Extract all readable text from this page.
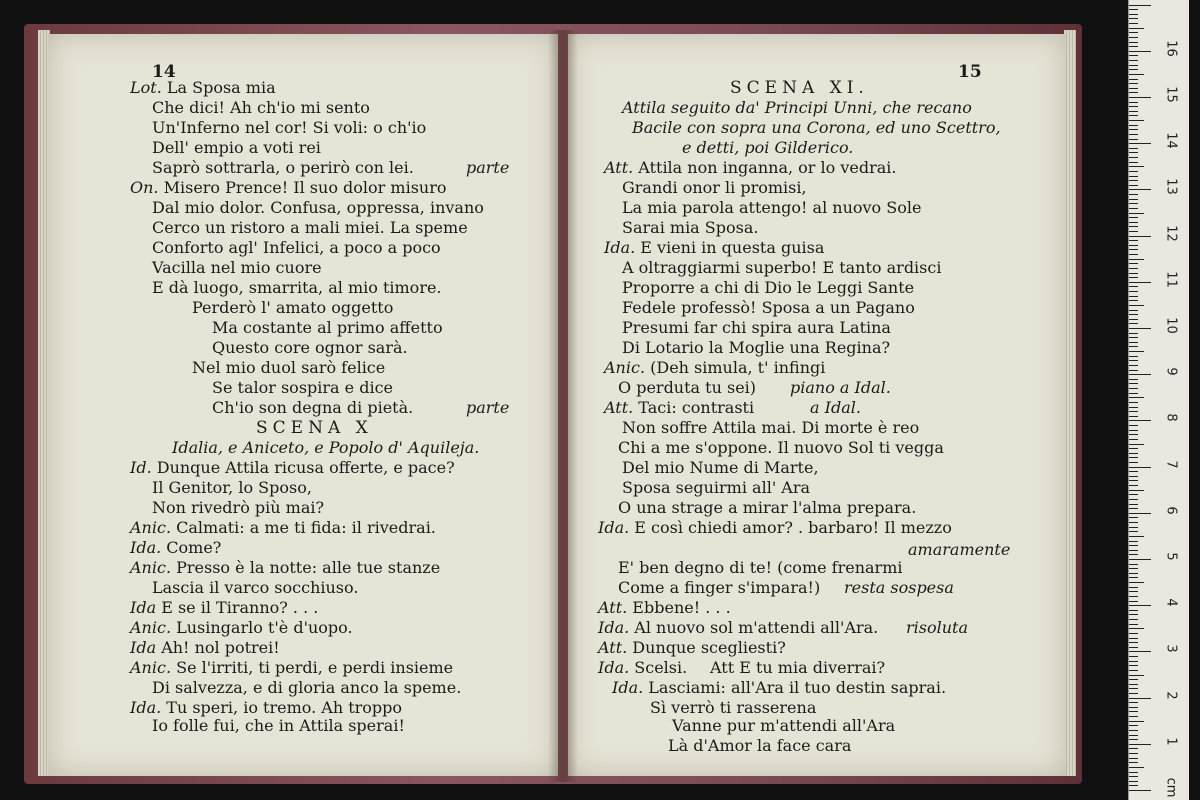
Lot. La Sposa mia
Che dici! Ah ch'io mi sento
Un'Inferno nel cor! Si voli: o ch'io
Dell' empio a voti rei
Saprò sottrarla, o perirò con lei.	parte
On. Misero Prence! Il suo dolor misuro
Dal mio dolor. Confusa, oppressa, invano
Cerco un ristoro a mali miei. La speme
Conforto agl' Infelici, a poco a poco
Vacilla nel mio cuore
E dà luogo, smarrita, al mio timore.
Perderò l' amato oggetto
Ma costante al primo affetto
Questo core ognor sarà.
Nel mio duol sarò felice
Se talor sospira e dice
Ch'io son degna di pietà.	parte
SCENA X
Idalia, e Aniceto, e Popolo d' Aquileja.
Id. Dunque Attila ricusa offerte, e pace?
Il Genitor, lo Sposo,
Non rivedrò più mai?
Anic. Calmati: a me ti fida: il rivedrai.
Ida. Come?
Anic. Presso è la notte: alle tue stanze
Lascia il varco socchiuso.
Ida E se il Tiranno? . . .
Anic. Lusingarlo t'è d'uopo.
Ida Ah! nol potrei!
Anic. Se l'irriti, ti perdi, e perdi insieme
Di salvezza, e di gloria anco la speme.
Ida. Tu speri, io tremo. Ah troppo
Io folle fui, che in Attila sperai!
SCENA XI.
Attila seguito da' Principi Unni, che recano
Bacile con sopra una Corona, ed uno Scettro,
e detti, poi Gilderico.
Att. Attila non inganna, or lo vedrai.
Grandi onor li promisi,
La mia parola attengo! al nuovo Sole
Sarai mia Sposa.
Ida. E vieni in questa guisa
A oltraggiarmi superbo! E tanto ardisci
Proporre a chi di Dio le Leggi Sante
Fedele professò! Sposa a un Pagano
Presumi far chi spira aura Latina
Di Lotario la Moglie una Regina?
Anic. (Deh simula, t' infingi
O perduta tu sei) piano a Idal.
Att. Taci: contrasti	a Idal.
Non soffre Attila mai. Di morte è reo
Chi a me s'oppone. Il nuovo Sol ti vegga
Del mio Nume di Marte,
Sposa seguirmi all' Ara
O una strage a mirar l'alma prepara.
Ida. E così chiedi amor? . barbaro! Il mezzo
amaramente
E' ben degno di te! (come frenarmi
Come a finger s'impara!) resta sospesa
Att. Ebbene! . . .
Ida. Al nuovo sol m'attendi all'Ara. risoluta
Att. Dunque scegliesti?
Ida. Scelsi. Att E tu mia diverrai?
Ida. Lasciami: all'Ara il tuo destin saprai.
Sì verrò ti rasserena
Vanne pur m'attendi all'Ara
Là d'Amor la face cara
14	15
cm
1
2
3
4
5
6
7
8
9
10
11
12
13
14
15
16
